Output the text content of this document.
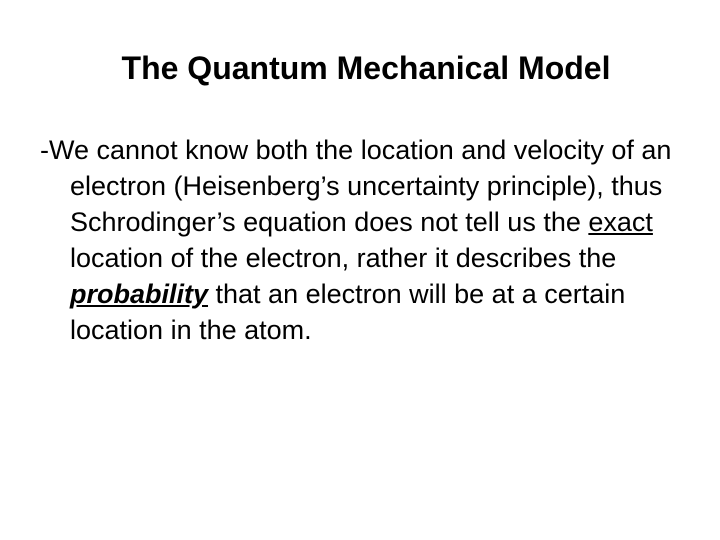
The Quantum Mechanical Model

-We cannot know both the location and velocity of an electron (Heisenberg’s uncertainty principle), thus Schrodinger’s equation does not tell us the exact location of the electron, rather it describes the probability that an electron will be at a certain location in the atom.
